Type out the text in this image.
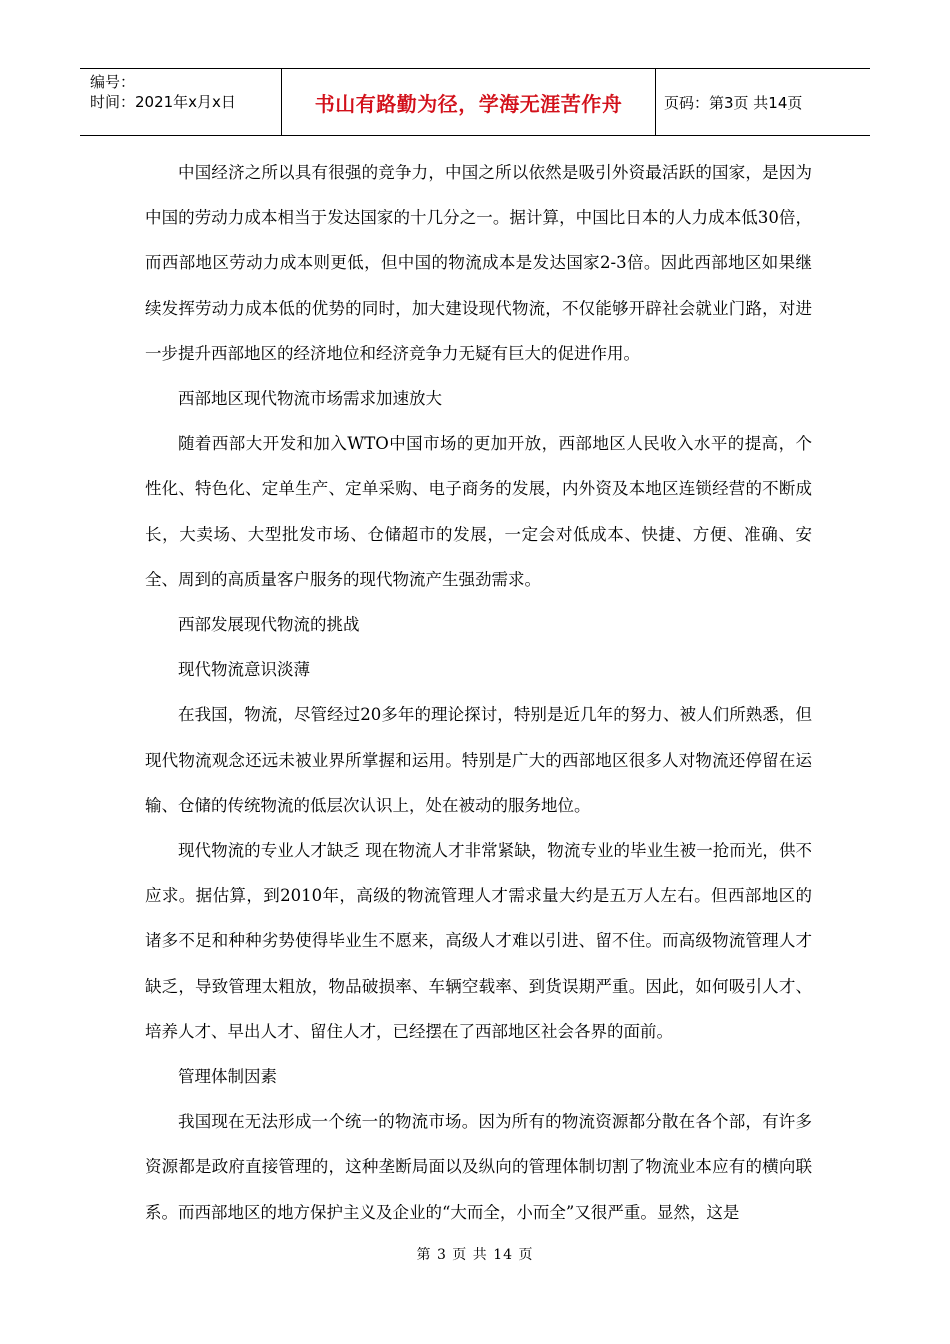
编号：
时间：2021年x月x日	书山有路勤为径，学海无涯苦作舟	页码：第3页 共14页

中国经济之所以具有很强的竞争力，中国之所以依然是吸引外资最活跃的国家，是因为中国的劳动力成本相当于发达国家的十几分之一。据计算，中国比日本的人力成本低30倍，而西部地区劳动力成本则更低，但中国的物流成本是发达国家2-3倍。因此西部地区如果继续发挥劳动力成本低的优势的同时，加大建设现代物流，不仅能够开辟社会就业门路，对进一步提升西部地区的经济地位和经济竞争力无疑有巨大的促进作用。

西部地区现代物流市场需求加速放大

随着西部大开发和加入WTO中国市场的更加开放，西部地区人民收入水平的提高，个性化、特色化、定单生产、定单采购、电子商务的发展，内外资及本地区连锁经营的不断成长，大卖场、大型批发市场、仓储超市的发展，一定会对低成本、快捷、方便、准确、安全、周到的高质量客户服务的现代物流产生强劲需求。

西部发展现代物流的挑战

现代物流意识淡薄

在我国，物流，尽管经过20多年的理论探讨，特别是近几年的努力、被人们所熟悉，但现代物流观念还远未被业界所掌握和运用。特别是广大的西部地区很多人对物流还停留在运输、仓储的传统物流的低层次认识上，处在被动的服务地位。

现代物流的专业人才缺乏 现在物流人才非常紧缺，物流专业的毕业生被一抢而光，供不应求。据估算，到2010年，高级的物流管理人才需求量大约是五万人左右。但西部地区的诸多不足和种种劣势使得毕业生不愿来，高级人才难以引进、留不住。而高级物流管理人才缺乏，导致管理太粗放，物品破损率、车辆空载率、到货误期严重。因此，如何吸引人才、培养人才、早出人才、留住人才，已经摆在了西部地区社会各界的面前。

管理体制因素

我国现在无法形成一个统一的物流市场。因为所有的物流资源都分散在各个部，有许多资源都是政府直接管理的，这种垄断局面以及纵向的管理体制切割了物流业本应有的横向联系。而西部地区的地方保护主义及企业的“大而全，小而全”又很严重。显然，这是

第 3 页 共 14 页
